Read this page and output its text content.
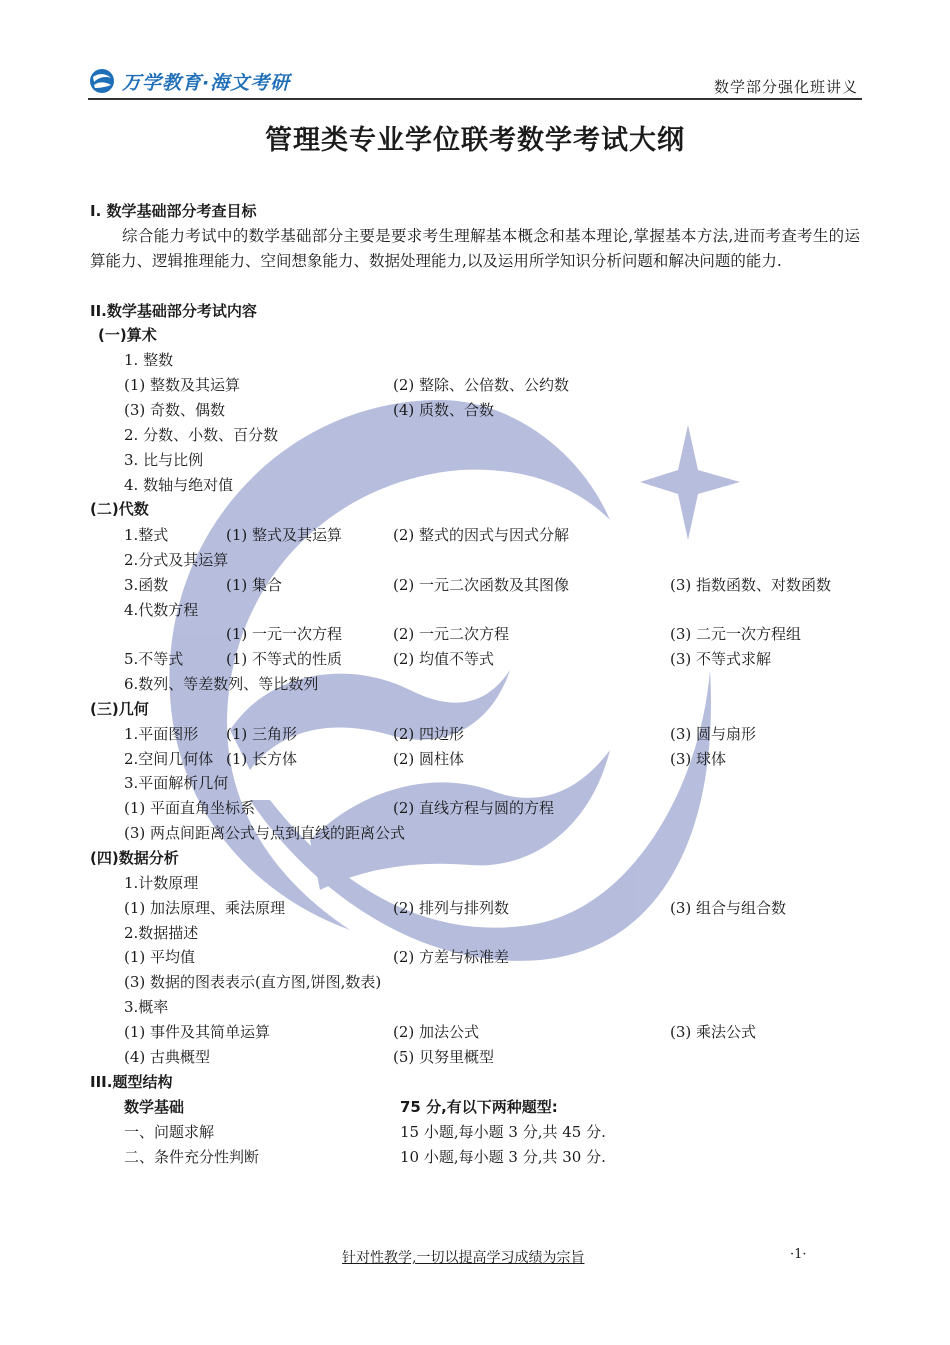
万学教育·海文考研	数学部分强化班讲义
管理类专业学位联考数学考试大纲
I. 数学基础部分考查目标
综合能力考试中的数学基础部分主要是要求考生理解基本概念和基本理论,掌握基本方法,进而考查考生的运算能力、逻辑推理能力、空间想象能力、数据处理能力,以及运用所学知识分析问题和解决问题的能力.
II.数学基础部分考试内容
(一)算术
1. 整数
(1) 整数及其运算	(2) 整除、公倍数、公约数
(3) 奇数、偶数	(4) 质数、合数
2. 分数、小数、百分数
3. 比与比例
4. 数轴与绝对值
(二)代数
1.整式	(1) 整式及其运算	(2) 整式的因式与因式分解
2.分式及其运算
3.函数	(1) 集合	(2) 一元二次函数及其图像	(3) 指数函数、对数函数
4.代数方程
(1) 一元一次方程	(2) 一元二次方程	(3) 二元一次方程组
5.不等式	(1) 不等式的性质	(2) 均值不等式	(3) 不等式求解
6.数列、等差数列、等比数列
(三)几何
1.平面图形 (1) 三角形	(2) 四边形	(3) 圆与扇形
2.空间几何体 (1) 长方体	(2) 圆柱体	(3) 球体
3.平面解析几何
(1) 平面直角坐标系	(2) 直线方程与圆的方程
(3) 两点间距离公式与点到直线的距离公式
(四)数据分析
1.计数原理
(1) 加法原理、乘法原理	(2) 排列与排列数	(3) 组合与组合数
2.数据描述
(1) 平均值	(2) 方差与标准差
(3) 数据的图表表示(直方图,饼图,数表)
3.概率
(1) 事件及其简单运算	(2) 加法公式	(3) 乘法公式
(4) 古典概型	(5) 贝努里概型
III.题型结构
数学基础	75 分,有以下两种题型:
一、问题求解	15 小题,每小题 3 分,共 45 分.
二、条件充分性判断	10 小题,每小题 3 分,共 30 分.
针对性教学,一切以提高学习成绩为宗旨	·1·
